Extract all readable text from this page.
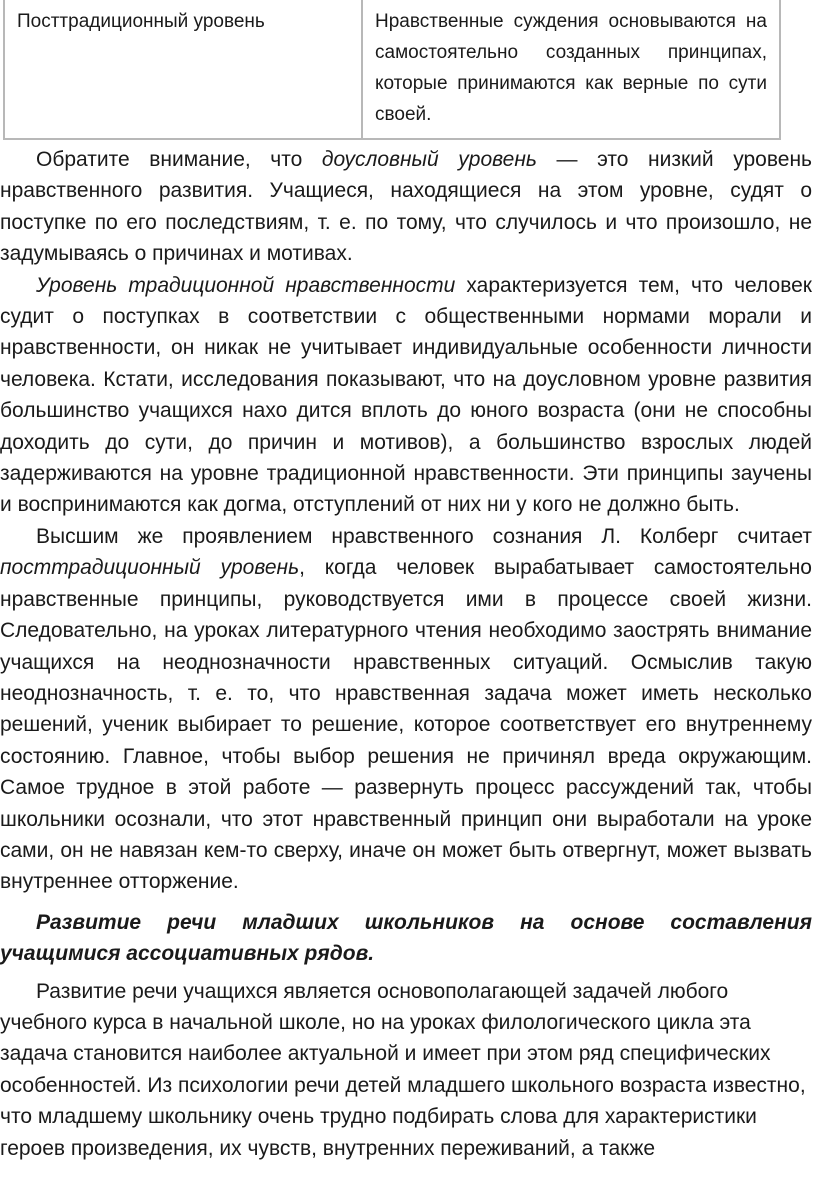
Посттрадиционный уровень	Нравственные суждения основываются на самостоятельно созданных принципах, которые принимаются как верные по сути своей.

Обратите внимание, что доусловный уровень — это низкий уровень нравственного развития. Учащиеся, находящиеся на этом уровне, судят о поступке по его последствиям, т. е. по тому, что случилось и что произошло, не задумываясь о причинах и мотивах.

Уровень традиционной нравственности характеризуется тем, что человек судит о поступках в соответствии с общественными нормами морали и нравственности, он никак не учитывает индивидуальные особенности личности человека. Кстати, исследования показывают, что на доусловном уровне развития большинство учащихся нахо дится вплоть до юного возраста (они не способны доходить до сути, до причин и мотивов), а большинство взрослых людей задерживаются на уровне традиционной нравственности. Эти принципы заучены и воспринимаются как догма, отступлений от них ни у кого не должно быть.

Высшим же проявлением нравственного сознания Л. Колберг считает посттрадиционный уровень, когда человек вырабатывает самостоятельно нравственные принципы, руководствуется ими в процессе своей жизни. Следовательно, на уроках литературного чтения необходимо заострять внимание учащихся на неоднозначности нравственных ситуаций. Осмыслив такую неоднозначность, т. е. то, что нравственная задача может иметь несколько решений, ученик выбирает то решение, которое соответствует его внутреннему состоянию. Главное, чтобы выбор решения не причинял вреда окружающим. Самое трудное в этой работе — развернуть процесс рассуждений так, чтобы школьники осознали, что этот нравственный принцип они выработали на уроке сами, он не навязан кем-то сверху, иначе он может быть отвергнут, может вызвать внутреннее отторжение.

Развитие речи младших школьников на основе составления учащимися ассоциативных рядов.

Развитие речи учащихся является основополагающей задачей любого учебного курса в начальной школе, но на уроках филологического цикла эта задача становится наиболее актуальной и имеет при этом ряд специфических особенностей. Из психологии речи детей младшего школьного возраста известно, что младшему школьнику очень трудно подбирать слова для характеристики героев произведения, их чувств, внутренних переживаний, а также
